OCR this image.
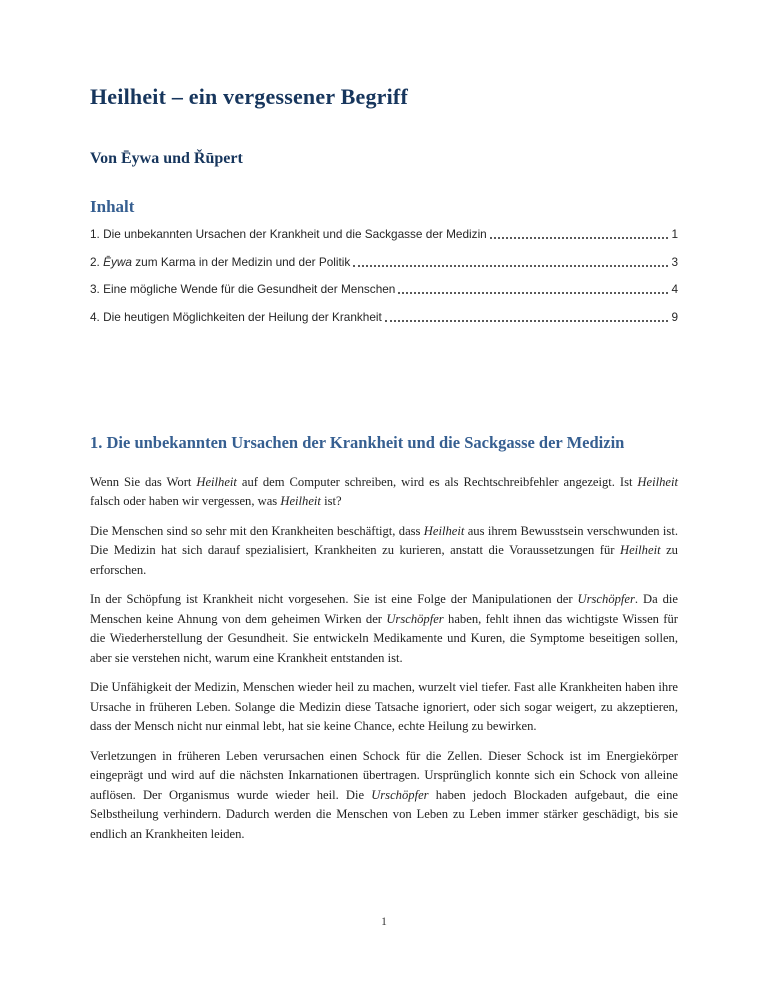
Heilheit – ein vergessener Begriff
Von Ēywa und Řūpert
Inhalt
1. Die unbekannten Ursachen der Krankheit und die Sackgasse der Medizin	1
2. Ēywa zum Karma in der Medizin und der Politik	3
3. Eine mögliche Wende für die Gesundheit der Menschen	4
4. Die heutigen Möglichkeiten der Heilung der Krankheit	9
1. Die unbekannten Ursachen der Krankheit und die Sackgasse der Medizin

Wenn Sie das Wort Heilheit auf dem Computer schreiben, wird es als Rechtschreibfehler angezeigt. Ist Heilheit falsch oder haben wir vergessen, was Heilheit ist?

Die Menschen sind so sehr mit den Krankheiten beschäftigt, dass Heilheit aus ihrem Bewusstsein verschwunden ist. Die Medizin hat sich darauf spezialisiert, Krankheiten zu kurieren, anstatt die Voraussetzungen für Heilheit zu erforschen.

In der Schöpfung ist Krankheit nicht vorgesehen. Sie ist eine Folge der Manipulationen der Urschöpfer. Da die Menschen keine Ahnung von dem geheimen Wirken der Urschöpfer haben, fehlt ihnen das wichtigste Wissen für die Wiederherstellung der Gesundheit. Sie entwickeln Medikamente und Kuren, die Symptome beseitigen sollen, aber sie verstehen nicht, warum eine Krankheit entstanden ist.

Die Unfähigkeit der Medizin, Menschen wieder heil zu machen, wurzelt viel tiefer. Fast alle Krankheiten haben ihre Ursache in früheren Leben. Solange die Medizin diese Tatsache ignoriert, oder sich sogar weigert, zu akzeptieren, dass der Mensch nicht nur einmal lebt, hat sie keine Chance, echte Heilung zu bewirken.

Verletzungen in früheren Leben verursachen einen Schock für die Zellen. Dieser Schock ist im Energiekörper eingeprägt und wird auf die nächsten Inkarnationen übertragen. Ursprünglich konnte sich ein Schock von alleine auflösen. Der Organismus wurde wieder heil. Die Urschöpfer haben jedoch Blockaden aufgebaut, die eine Selbstheilung verhindern. Dadurch werden die Menschen von Leben zu Leben immer stärker geschädigt, bis sie endlich an Krankheiten leiden.

1
